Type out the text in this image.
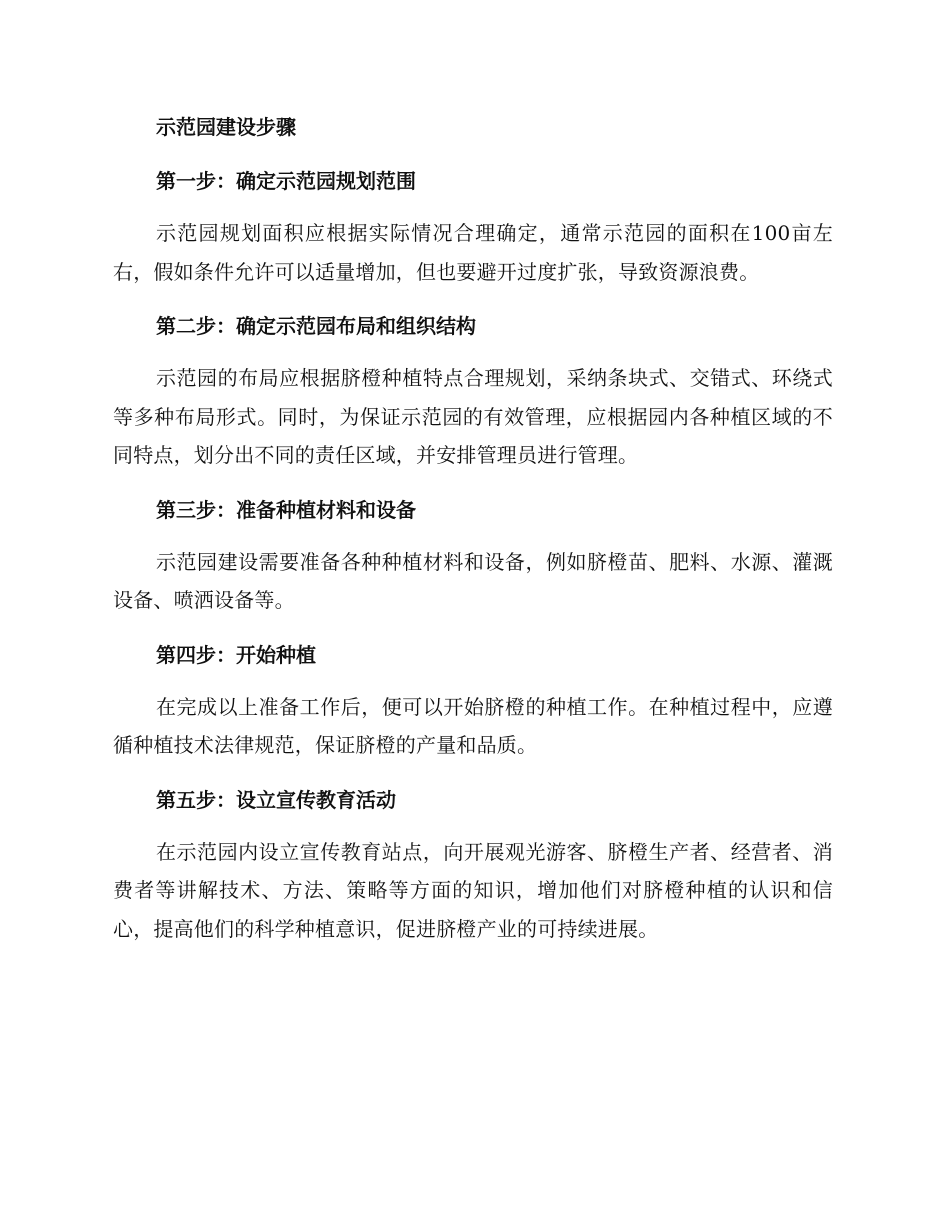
示范园建设步骤
第一步：确定示范园规划范围

示范园规划面积应根据实际情况合理确定，通常示范园的面积在100亩左右，假如条件允许可以适量增加，但也要避开过度扩张，导致资源浪费。

第二步：确定示范园布局和组织结构

示范园的布局应根据脐橙种植特点合理规划，采纳条块式、交错式、环绕式等多种布局形式。同时，为保证示范园的有效管理，应根据园内各种植区域的不同特点，划分出不同的责任区域，并安排管理员进行管理。

第三步：准备种植材料和设备

示范园建设需要准备各种种植材料和设备，例如脐橙苗、肥料、水源、灌溉设备、喷洒设备等。

第四步：开始种植

在完成以上准备工作后，便可以开始脐橙的种植工作。在种植过程中，应遵循种植技术法律规范，保证脐橙的产量和品质。

第五步：设立宣传教育活动

在示范园内设立宣传教育站点，向开展观光游客、脐橙生产者、经营者、消费者等讲解技术、方法、策略等方面的知识，增加他们对脐橙种植的认识和信心，提高他们的科学种植意识，促进脐橙产业的可持续进展。
